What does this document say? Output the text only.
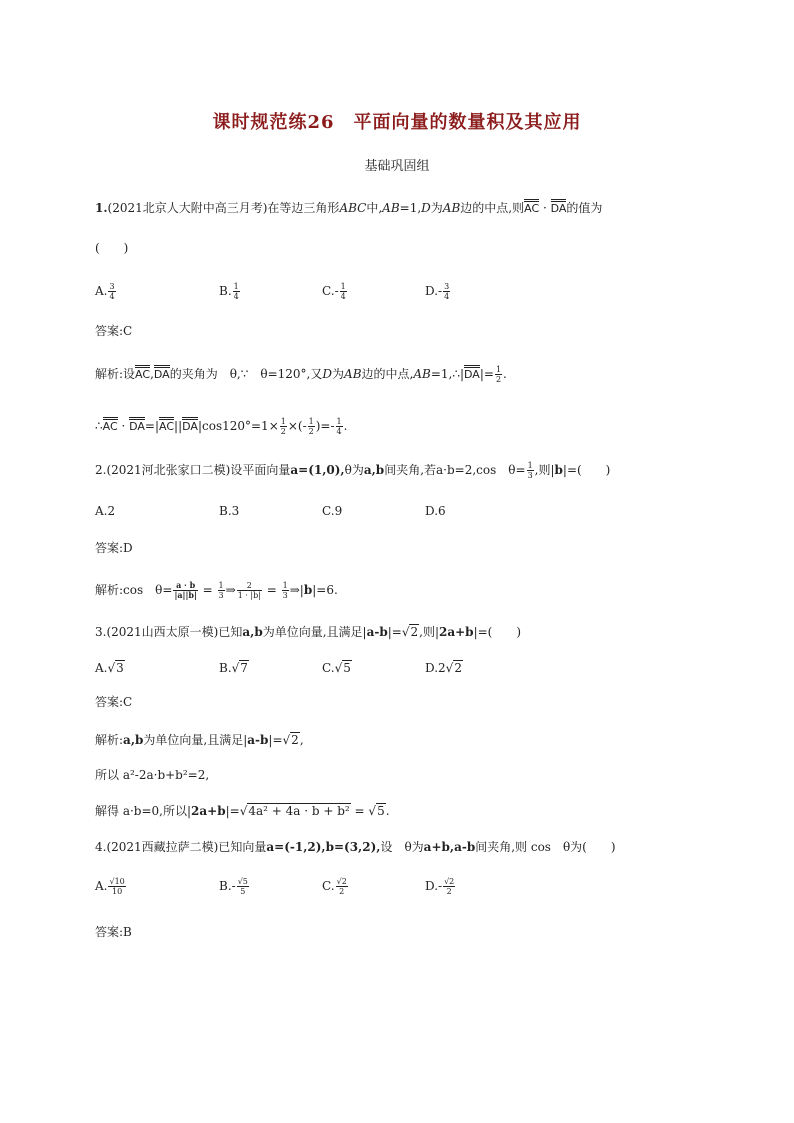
课时规范练26　平面向量的数量积及其应用
基础巩固组
1.(2021北京人大附中高三月考)在等边三角形ABC中,AB=1,D为AB边的中点,则AC · DA的值为
(　　)
A. $\frac{3}{4}$	B. $\frac{1}{4}$	$C.- \frac{1}{4}$	$D.- \frac{3}{4}$
答案:C
解析:设AC,DA的夹角为　θ,∵　θ=120°,又D为AB边的中点,AB=1,∴|DA|= $\frac{1}{2}$ .
∴AC · $DA=|AC||DA|\cos 120^\circ=1\times \frac{1}{2}$ ×(- $\frac{1}{2}$ )=- $\frac{1}{4}$ .
2.(2021河北张家口二模)设平面向量a=(1,0),θ为a,b间夹角,若a·b=2,cos　$\theta= \frac{1}{3}$ ,则|b|=(　　)
A.2	B.3	C.9	D.6
答案:D
解析:cos　$\theta= \frac{a \cdot b}{|a||b|} = \frac{1}{3}$ ⇒ $\frac{2}{1 \cdot |b|} = \frac{1}{3}$ ⇒|b|=6.
3.(2021山西太原一模)已知a,b为单位向量,且满足|a-b|=√2,则|2a+b|=(　　)
A.√3	B.√7	C.√5	D.2√2
答案:C
解析:a,b为单位向量,且满足|a-b|=√2,
所以 a²-2a·b+b²=2,
解得 a·b=0,所以|2a+b|=√4a² + 4a · b + b² = √5.
4.(2021西藏拉萨二模)已知向量a=(-1,2),b=(3,2),设　θ为a+b,a-b间夹角,则 cos　θ为(　　)
A. $\frac{√10}{10}$	$B.- \frac{√5}{5}$	C. $\frac{√2}{2}$	$D.- \frac{√2}{2}$
答案:B
